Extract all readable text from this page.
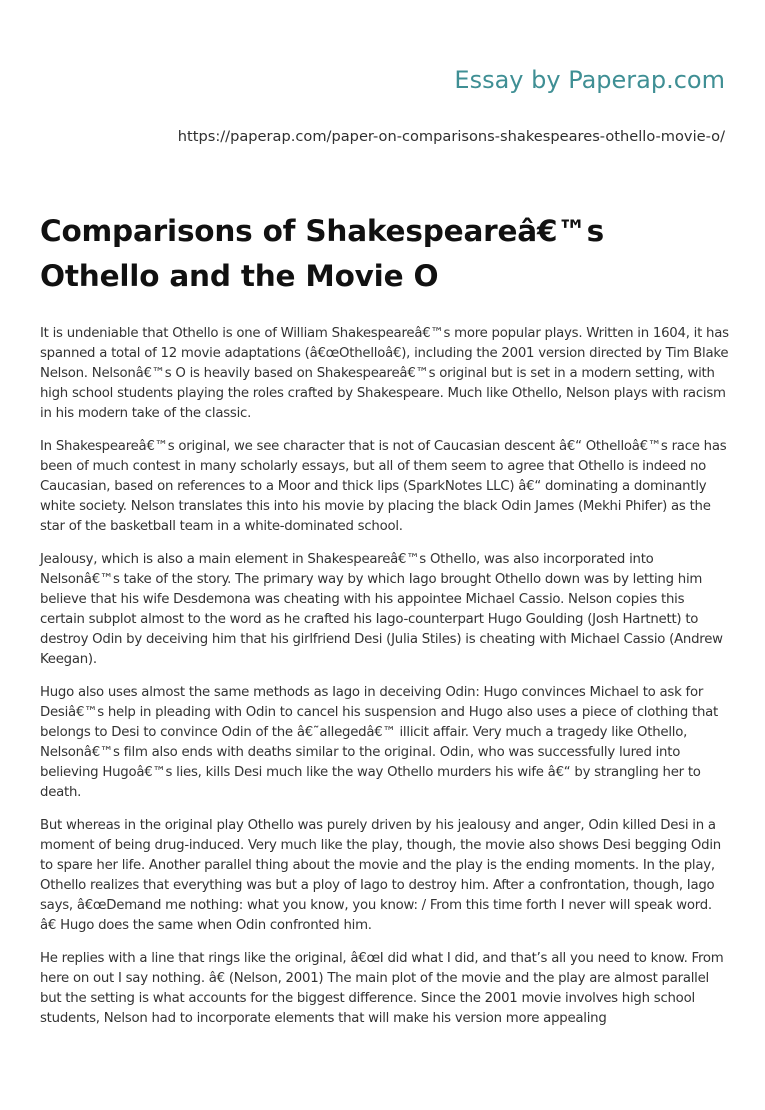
Essay by Paperap.com
https://paperap.com/paper-on-comparisons-shakespeares-othello-movie-o/
Comparisons of Shakespeareâ€™s Othello and the Movie O

It is undeniable that Othello is one of William Shakespeareâ€™s more popular plays. Written in 1604, it has spanned a total of 12 movie adaptations (â€œOthelloâ€), including the 2001 version directed by Tim Blake Nelson. Nelsonâ€™s O is heavily based on Shakespeareâ€™s original but is set in a modern setting, with high school students playing the roles crafted by Shakespeare. Much like Othello, Nelson plays with racism in his modern take of the classic.

In Shakespeareâ€™s original, we see character that is not of Caucasian descent â€“ Othelloâ€™s race has been of much contest in many scholarly essays, but all of them seem to agree that Othello is indeed no Caucasian, based on references to a Moor and thick lips (SparkNotes LLC) â€“ dominating a dominantly white society. Nelson translates this into his movie by placing the black Odin James (Mekhi Phifer) as the star of the basketball team in a white-dominated school.

Jealousy, which is also a main element in Shakespeareâ€™s Othello, was also incorporated into Nelsonâ€™s take of the story. The primary way by which Iago brought Othello down was by letting him believe that his wife Desdemona was cheating with his appointee Michael Cassio. Nelson copies this certain subplot almost to the word as he crafted his Iago-counterpart Hugo Goulding (Josh Hartnett) to destroy Odin by deceiving him that his girlfriend Desi (Julia Stiles) is cheating with Michael Cassio (Andrew Keegan).

Hugo also uses almost the same methods as Iago in deceiving Odin: Hugo convinces Michael to ask for Desiâ€™s help in pleading with Odin to cancel his suspension and Hugo also uses a piece of clothing that belongs to Desi to convince Odin of the â€˜allegedâ€™ illicit affair. Very much a tragedy like Othello, Nelsonâ€™s film also ends with deaths similar to the original. Odin, who was successfully lured into believing Hugoâ€™s lies, kills Desi much like the way Othello murders his wife â€“ by strangling her to death.

But whereas in the original play Othello was purely driven by his jealousy and anger, Odin killed Desi in a moment of being drug-induced. Very much like the play, though, the movie also shows Desi begging Odin to spare her life. Another parallel thing about the movie and the play is the ending moments. In the play, Othello realizes that everything was but a ploy of Iago to destroy him. After a confrontation, though, Iago says, â€œDemand me nothing: what you know, you know: / From this time forth I never will speak word. â€ Hugo does the same when Odin confronted him.

He replies with a line that rings like the original, â€œI did what I did, and that’s all you need to know. From here on out I say nothing. â€ (Nelson, 2001) The main plot of the movie and the play are almost parallel but the setting is what accounts for the biggest difference. Since the 2001 movie involves high school students, Nelson had to incorporate elements that will make his version more appealing
